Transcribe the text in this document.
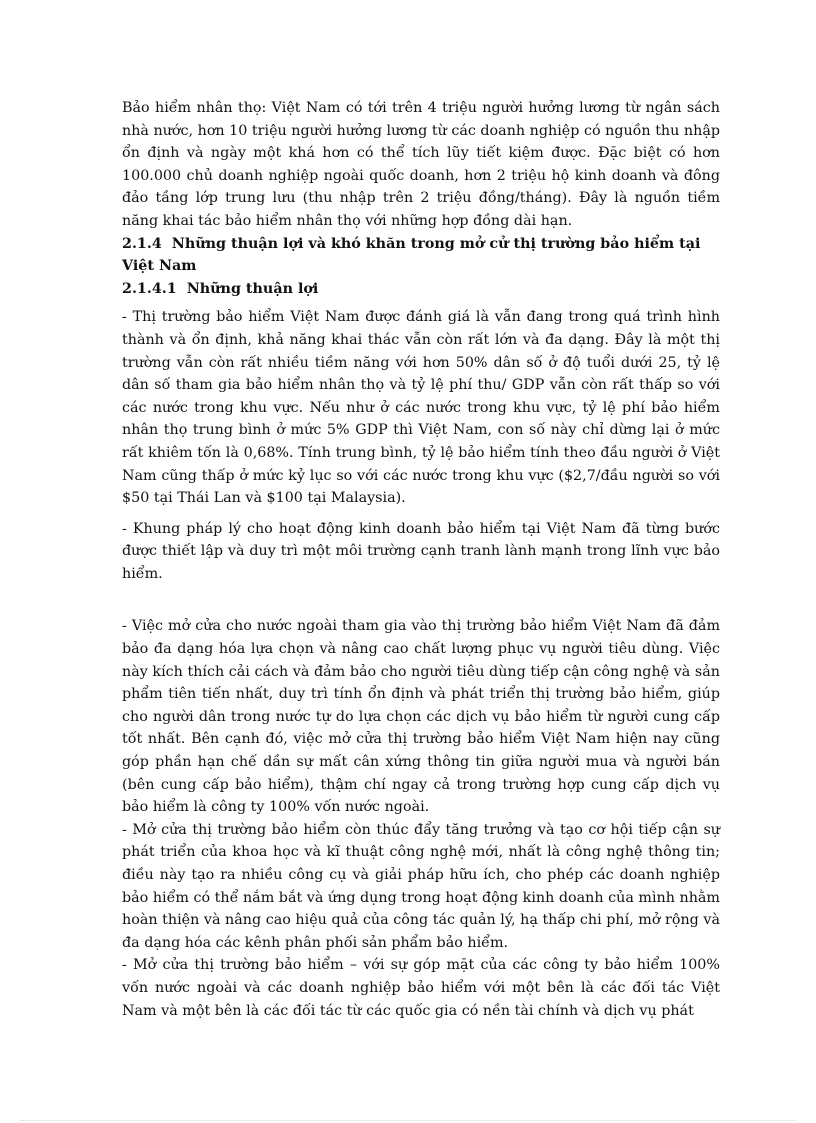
Bảo hiểm nhân thọ: Việt Nam có tới trên 4 triệu người hưởng lương từ ngân sách nhà nước, hơn 10 triệu người hưởng lương từ các doanh nghiệp có nguồn thu nhập ổn định và ngày một khá hơn có thể tích lũy tiết kiệm được. Đặc biệt có hơn 100.000 chủ doanh nghiệp ngoài quốc doanh, hơn 2 triệu hộ kinh doanh và đông đảo tầng lớp trung lưu (thu nhập trên 2 triệu đồng/tháng). Đây là nguồn tiềm năng khai tác bảo hiểm nhân thọ với những hợp đồng dài hạn.

2.1.4 Những thuận lợi và khó khăn trong mở cử thị trường bảo hiểm tại Việt Nam

2.1.4.1 Những thuận lợi

- Thị trường bảo hiểm Việt Nam được đánh giá là vẫn đang trong quá trình hình thành và ổn định, khả năng khai thác vẫn còn rất lớn và đa dạng. Đây là một thị trường vẫn còn rất nhiều tiềm năng với hơn 50% dân số ở độ tuổi dưới 25, tỷ lệ dân số tham gia bảo hiểm nhân thọ và tỷ lệ phí thu/ GDP vẫn còn rất thấp so với các nước trong khu vực. Nếu như ở các nước trong khu vực, tỷ lệ phí bảo hiểm nhân thọ trung bình ở mức 5% GDP thì Việt Nam, con số này chỉ dừng lại ở mức rất khiêm tốn là 0,68%. Tính trung bình, tỷ lệ bảo hiểm tính theo đầu người ở Việt Nam cũng thấp ở mức kỷ lục so với các nước trong khu vực ($2,7/đầu người so với $50 tại Thái Lan và $100 tại Malaysia).

- Khung pháp lý cho hoạt động kinh doanh bảo hiểm tại Việt Nam đã từng bước được thiết lập và duy trì một môi trường cạnh tranh lành mạnh trong lĩnh vực bảo hiểm.

- Việc mở cửa cho nước ngoài tham gia vào thị trường bảo hiểm Việt Nam đã đảm bảo đa dạng hóa lựa chọn và nâng cao chất lượng phục vụ người tiêu dùng. Việc này kích thích cải cách và đảm bảo cho người tiêu dùng tiếp cận công nghệ và sản phẩm tiên tiến nhất, duy trì tính ổn định và phát triển thị trường bảo hiểm, giúp cho người dân trong nước tự do lựa chọn các dịch vụ bảo hiểm từ người cung cấp tốt nhất. Bên cạnh đó, việc mở cửa thị trường bảo hiểm Việt Nam hiện nay cũng góp phần hạn chế dần sự mất cân xứng thông tin giữa người mua và người bán (bên cung cấp bảo hiểm), thậm chí ngay cả trong trường hợp cung cấp dịch vụ bảo hiểm là công ty 100% vốn nước ngoài.

- Mở cửa thị trường bảo hiểm còn thúc đẩy tăng trưởng và tạo cơ hội tiếp cận sự phát triển của khoa học và kĩ thuật công nghệ mới, nhất là công nghệ thông tin; điều này tạo ra nhiều công cụ và giải pháp hữu ích, cho phép các doanh nghiệp bảo hiểm có thể nắm bắt và ứng dụng trong hoạt động kinh doanh của mình nhằm hoàn thiện và nâng cao hiệu quả của công tác quản lý, hạ thấp chi phí, mở rộng và đa dạng hóa các kênh phân phối sản phẩm bảo hiểm.

- Mở cửa thị trường bảo hiểm – với sự góp mặt của các công ty bảo hiểm 100% vốn nước ngoài và các doanh nghiệp bảo hiểm với một bên là các đối tác Việt Nam và một bên là các đối tác từ các quốc gia có nền tài chính và dịch vụ phát
